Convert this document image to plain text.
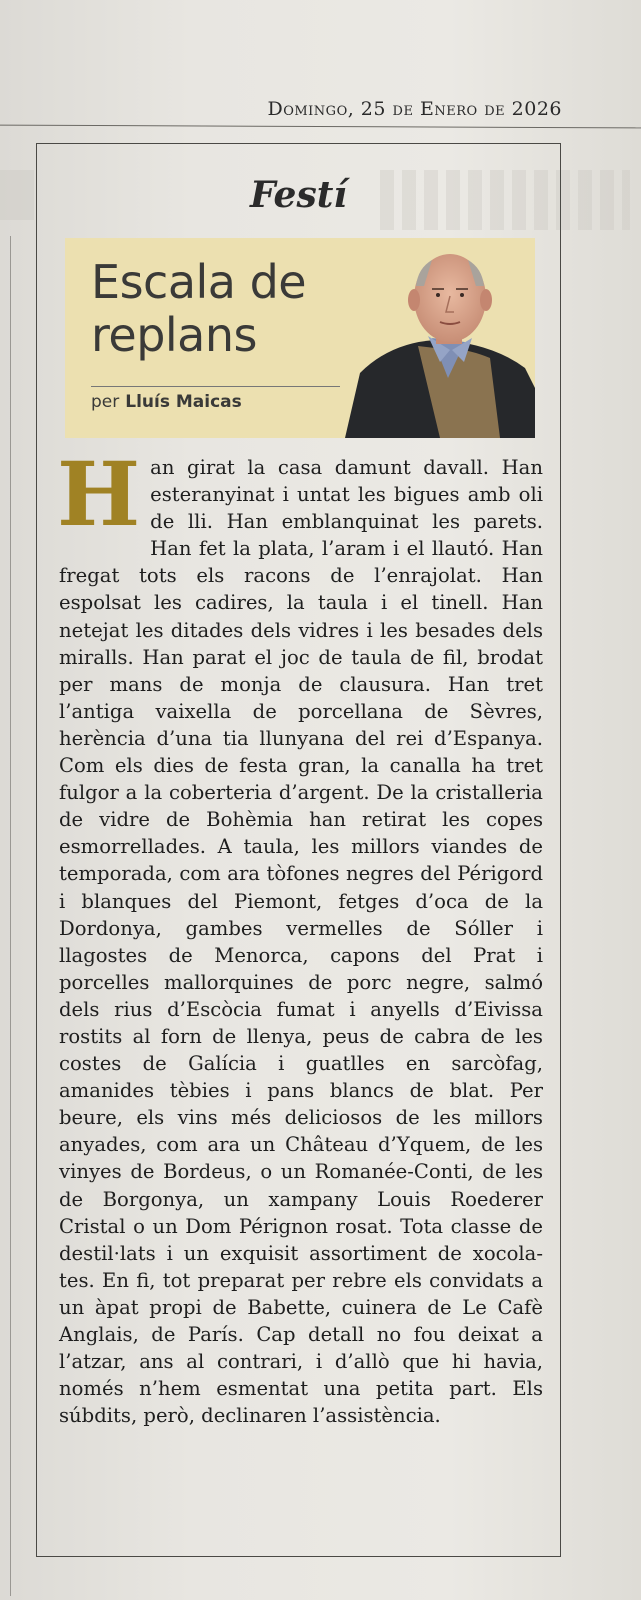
Domingo, 25 de Enero de 2026
Festí
Escala de
replans
per Lluís Maicas

Han girat la casa damunt davall. Han esteranyinat i untat les bigues amb oli de lli. Han emblanquinat les parets. Han fet la plata, l’aram i el llautó. Han fregat tots els racons de l’enrajolat. Han espolsat les cadires, la taula i el tinell. Han netejat les ditades dels vidres i les besades dels miralls. Han parat el joc de taula de fil, brodat per mans de monja de clausura. Han tret l’antiga vaixella de porcellana de Sèvres, herència d’una tia llunyana del rei d’Espanya. Com els dies de festa gran, la canalla ha tret fulgor a la coberteria d’argent. De la cristalleria de vidre de Bohèmia han retirat les copes esmorrellades. A taula, les millors viandes de temporada, com ara tòfones negres del Périgord i blanques del Piemont, fetges d’oca de la Dordonya, gambes vermelles de Sóller i llagostes de Menorca, capons del Prat i porcelles mallorquines de porc negre, salmó dels rius d’Escòcia fumat i anyells d’Eivissa rostits al forn de llenya, peus de cabra de les costes de Galícia i guatlles en sarcòfag, amanides tèbies i pans blancs de blat. Per beure, els vins més deliciosos de les millors anyades, com ara un Château d’Yquem, de les vinyes de Bordeus, o un Romanée-Conti, de les de Borgonya, un xampany Louis Roederer Cristal o un Dom Pérignon rosat. Tota classe de destil·lats i un exquisit assortiment de xocolates. En fi, tot preparat per rebre els convidats a un àpat propi de Babette, cuinera de Le Cafè Anglais, de París. Cap detall no fou deixat a l’atzar, ans al contrari, i d’allò que hi havia, només n’hem esmentat una petita part. Els súbdits, però, declinaren l’assistència.
